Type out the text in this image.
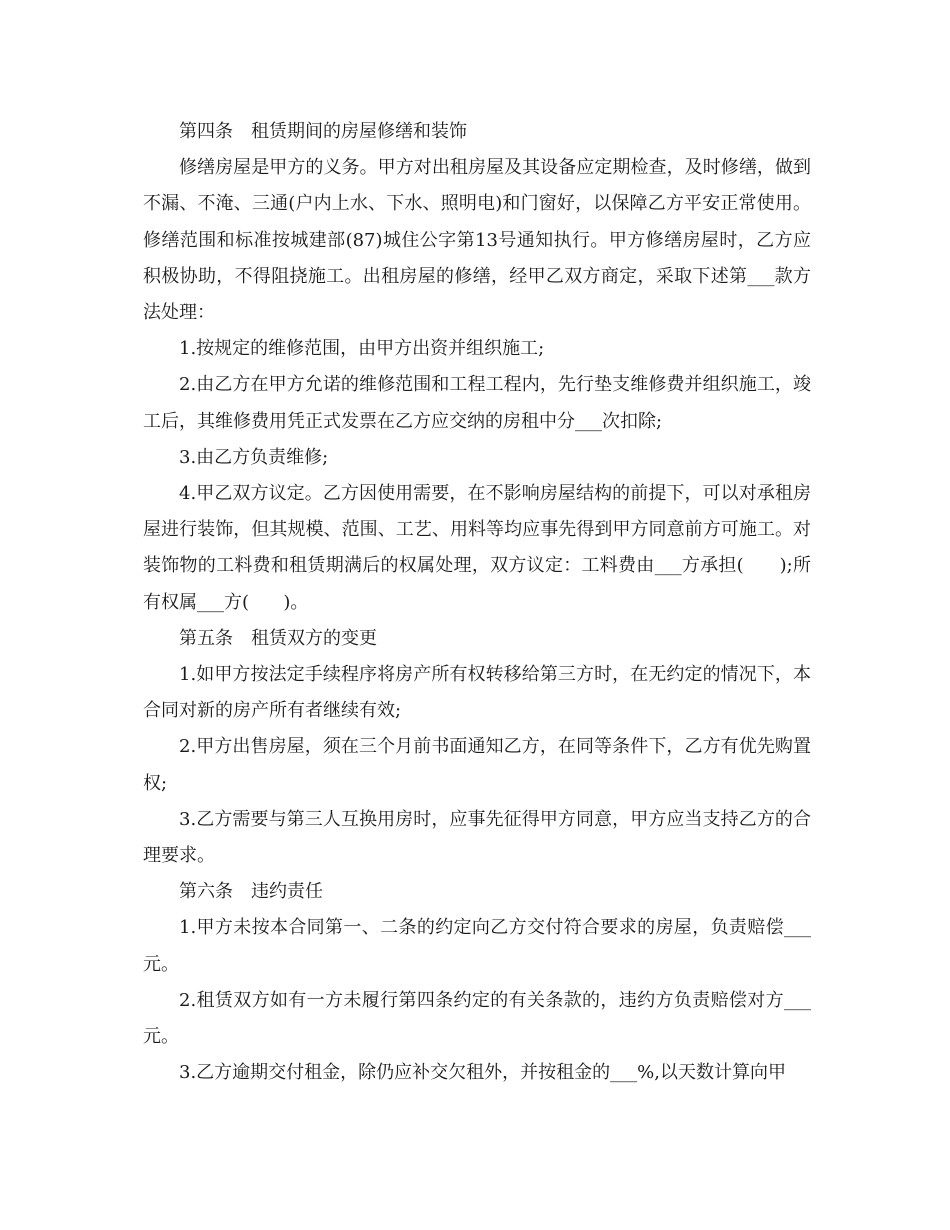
第四条　租赁期间的房屋修缮和装饰

修缮房屋是甲方的义务。甲方对出租房屋及其设备应定期检查，及时修缮，做到不漏、不淹、三通(户内上水、下水、照明电)和门窗好，以保障乙方平安正常使用。修缮范围和标准按城建部(87)城住公字第13号通知执行。甲方修缮房屋时，乙方应积极协助，不得阻挠施工。出租房屋的修缮，经甲乙双方商定，采取下述第___款方法处理：

1.按规定的维修范围，由甲方出资并组织施工;

2.由乙方在甲方允诺的维修范围和工程工程内，先行垫支维修费并组织施工，竣工后，其维修费用凭正式发票在乙方应交纳的房租中分___次扣除;

3.由乙方负责维修;

4.甲乙双方议定。乙方因使用需要，在不影响房屋结构的前提下，可以对承租房屋进行装饰，但其规模、范围、工艺、用料等均应事先得到甲方同意前方可施工。对装饰物的工料费和租赁期满后的权属处理，双方议定：工料费由___方承担(      );所有权属___方(      )。

第五条　租赁双方的变更

1.如甲方按法定手续程序将房产所有权转移给第三方时，在无约定的情况下，本合同对新的房产所有者继续有效;

2.甲方出售房屋，须在三个月前书面通知乙方，在同等条件下，乙方有优先购置权;

3.乙方需要与第三人互换用房时，应事先征得甲方同意，甲方应当支持乙方的合理要求。

第六条　违约责任

1.甲方未按本合同第一、二条的约定向乙方交付符合要求的房屋，负责赔偿___元。

2.租赁双方如有一方未履行第四条约定的有关条款的，违约方负责赔偿对方___元。

3.乙方逾期交付租金，除仍应补交欠租外，并按租金的___%,以天数计算向甲
